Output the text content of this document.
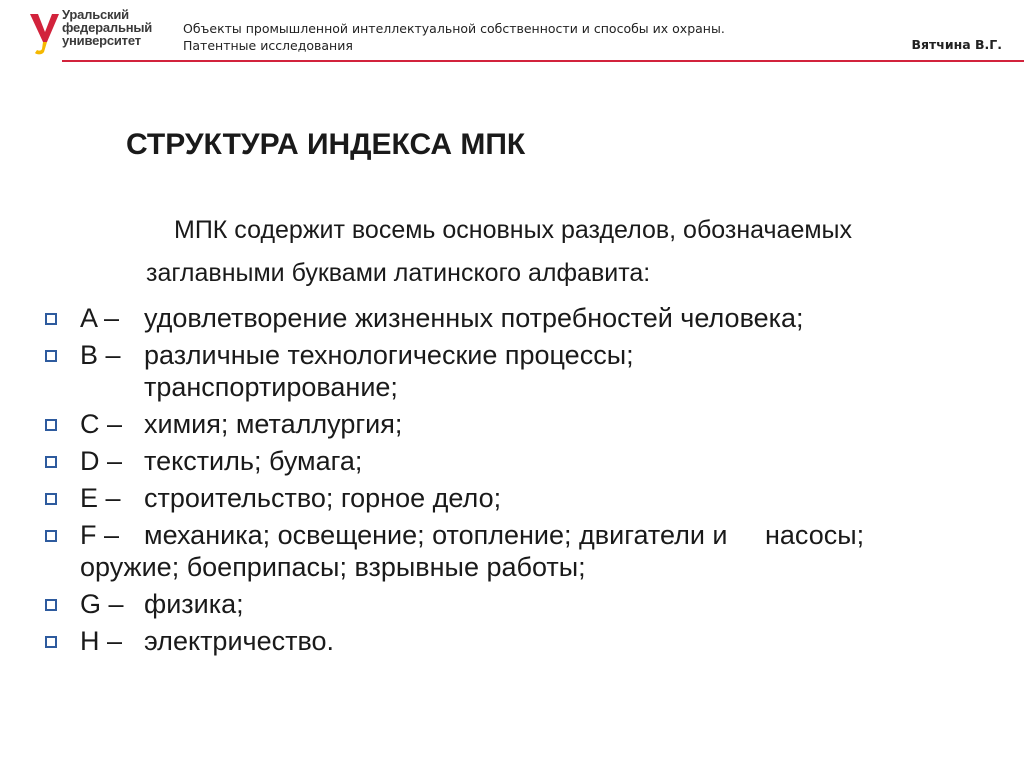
Уральский
федеральный
университет
Объекты промышленной интеллектуальной собственности и способы их охраны.
Патентные исследования	Вятчина В.Г.
СТРУКТУРА ИНДЕКСА МПК
МПК содержит восемь основных разделов, обозначаемых
заглавными буквами латинского алфавита:
A – удовлетворение жизненных потребностей человека;
B – различные технологические процессы;
транспортирование;
C – химия; металлургия;
D – текстиль; бумага;
E – строительство; горное дело;
F – механика; освещение; отопление; двигатели и     насосы;
оружие; боеприпасы; взрывные работы;
G – физика;
H – электричество.
